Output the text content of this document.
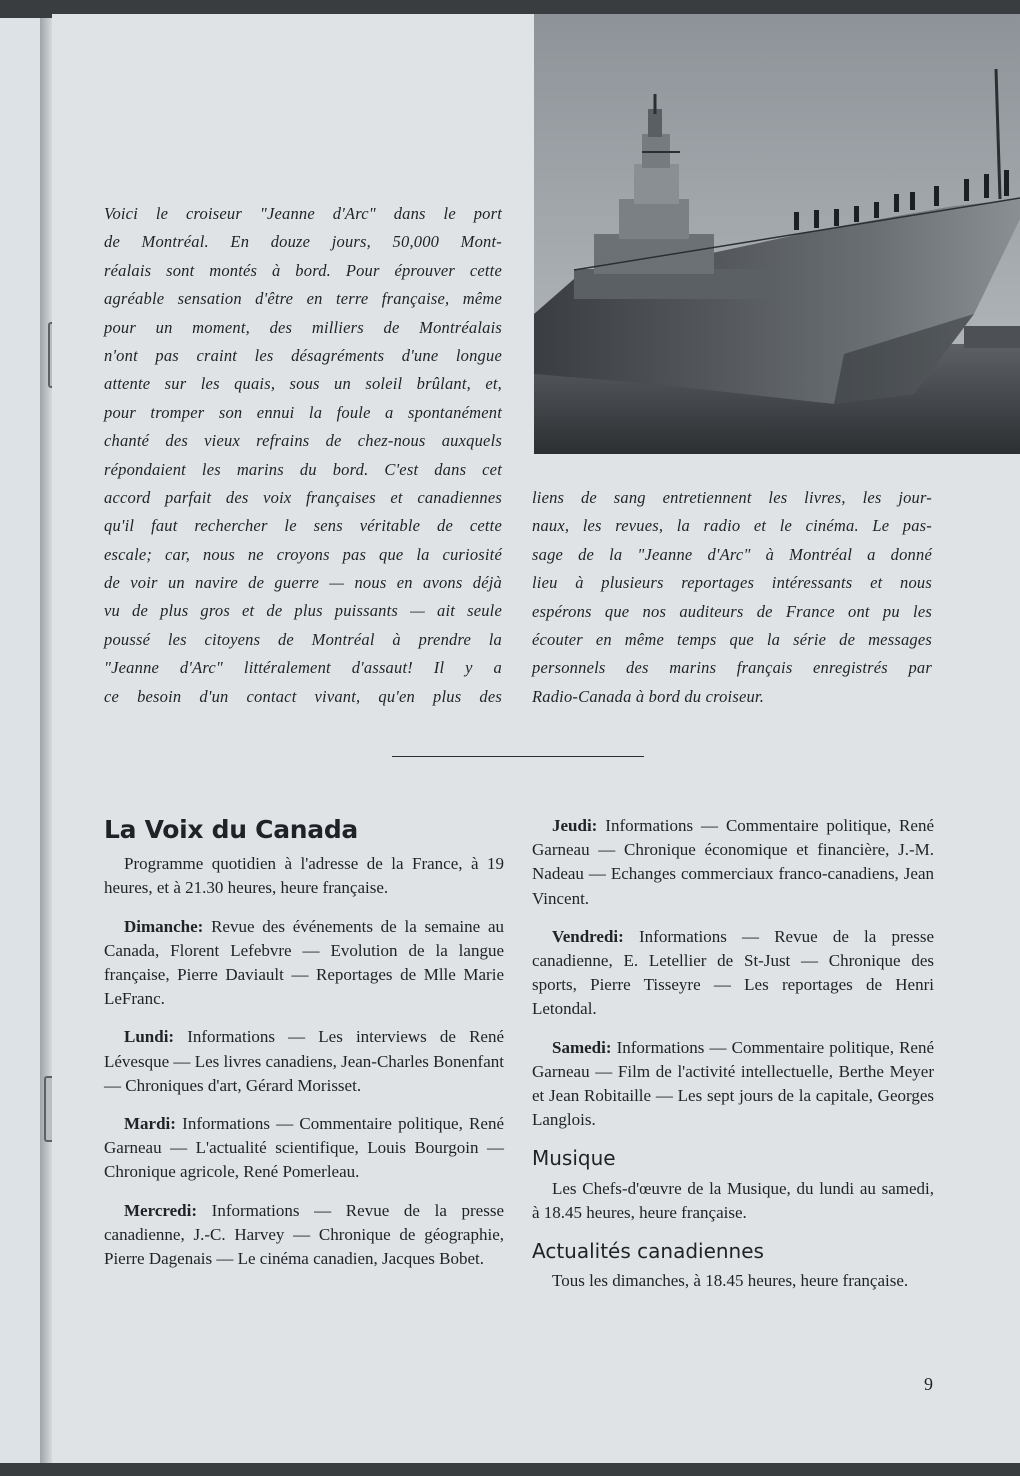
Voici le croiseur "Jeanne d'Arc" dans le port
de Montréal. En douze jours, 50,000 Mont-
réalais sont montés à bord. Pour éprouver cette
agréable sensation d'être en terre française, même
pour un moment, des milliers de Montréalais
n'ont pas craint les désagréments d'une longue
attente sur les quais, sous un soleil brûlant, et,
pour tromper son ennui la foule a spontanément
chanté des vieux refrains de chez-nous auxquels
répondaient les marins du bord. C'est dans cet
accord parfait des voix françaises et canadiennes
qu'il faut rechercher le sens véritable de cette
escale; car, nous ne croyons pas que la curiosité
de voir un navire de guerre — nous en avons déjà
vu de plus gros et de plus puissants — ait seule
poussé les citoyens de Montréal à prendre la
"Jeanne d'Arc" littéralement d'assaut! Il y a
ce besoin d'un contact vivant, qu'en plus des
liens de sang entretiennent les livres, les jour-
naux, les revues, la radio et le cinéma. Le pas-
sage de la "Jeanne d'Arc" à Montréal a donné
lieu à plusieurs reportages intéressants et nous
espérons que nos auditeurs de France ont pu les
écouter en même temps que la série de messages
personnels des marins français enregistrés par
Radio-Canada à bord du croiseur.
La Voix du Canada

Programme quotidien à l'adresse de la France, à 19 heures, et à 21.30 heures, heure française.

Dimanche: Revue des événements de la semaine au Canada, Florent Lefebvre — Evolution de la langue française, Pierre Daviault — Reportages de Mlle Marie LeFranc.

Lundi: Informations — Les interviews de René Lévesque — Les livres canadiens, Jean-Charles Bonenfant — Chroniques d'art, Gérard Morisset.

Mardi: Informations — Commentaire politique, René Garneau — L'actualité scientifique, Louis Bourgoin — Chronique agricole, René Pomerleau.

Mercredi: Informations — Revue de la presse canadienne, J.-C. Harvey — Chronique de géographie, Pierre Dagenais — Le cinéma canadien, Jacques Bobet.

Jeudi: Informations — Commentaire politique, René Garneau — Chronique économique et financière, J.-M. Nadeau — Echanges commerciaux franco-canadiens, Jean Vincent.

Vendredi: Informations — Revue de la presse canadienne, E. Letellier de St-Just — Chronique des sports, Pierre Tisseyre — Les reportages de Henri Letondal.

Samedi: Informations — Commentaire politique, René Garneau — Film de l'activité intellectuelle, Berthe Meyer et Jean Robitaille — Les sept jours de la capitale, Georges Langlois.

Musique

Les Chefs-d'œuvre de la Musique, du lundi au samedi, à 18.45 heures, heure française.

Actualités canadiennes

Tous les dimanches, à 18.45 heures, heure française.

9
